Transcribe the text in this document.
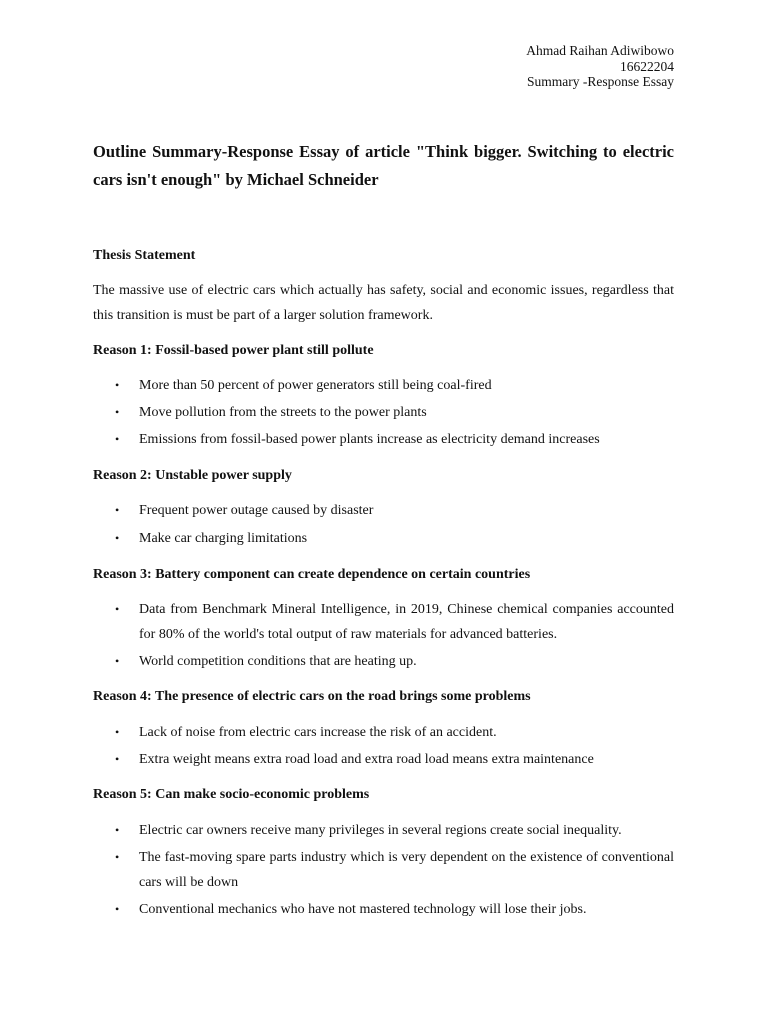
Ahmad Raihan Adiwibowo
16622204
Summary -Response Essay
Outline Summary-Response Essay of article "Think bigger. Switching to electric cars isn't enough" by Michael Schneider
Thesis Statement
The massive use of electric cars which actually has safety, social and economic issues, regardless that this transition is must be part of a larger solution framework.
Reason 1: Fossil-based power plant still pollute
• More than 50 percent of power generators still being coal-fired
• Move pollution from the streets to the power plants
• Emissions from fossil-based power plants increase as electricity demand increases
Reason 2: Unstable power supply
• Frequent power outage caused by disaster
• Make car charging limitations
Reason 3: Battery component can create dependence on certain countries
• Data from Benchmark Mineral Intelligence, in 2019, Chinese chemical companies accounted for 80% of the world's total output of raw materials for advanced batteries.
• World competition conditions that are heating up.
Reason 4: The presence of electric cars on the road brings some problems
• Lack of noise from electric cars increase the risk of an accident.
• Extra weight means extra road load and extra road load means extra maintenance
Reason 5: Can make socio-economic problems
• Electric car owners receive many privileges in several regions create social inequality.
• The fast-moving spare parts industry which is very dependent on the existence of conventional cars will be down
• Conventional mechanics who have not mastered technology will lose their jobs.
